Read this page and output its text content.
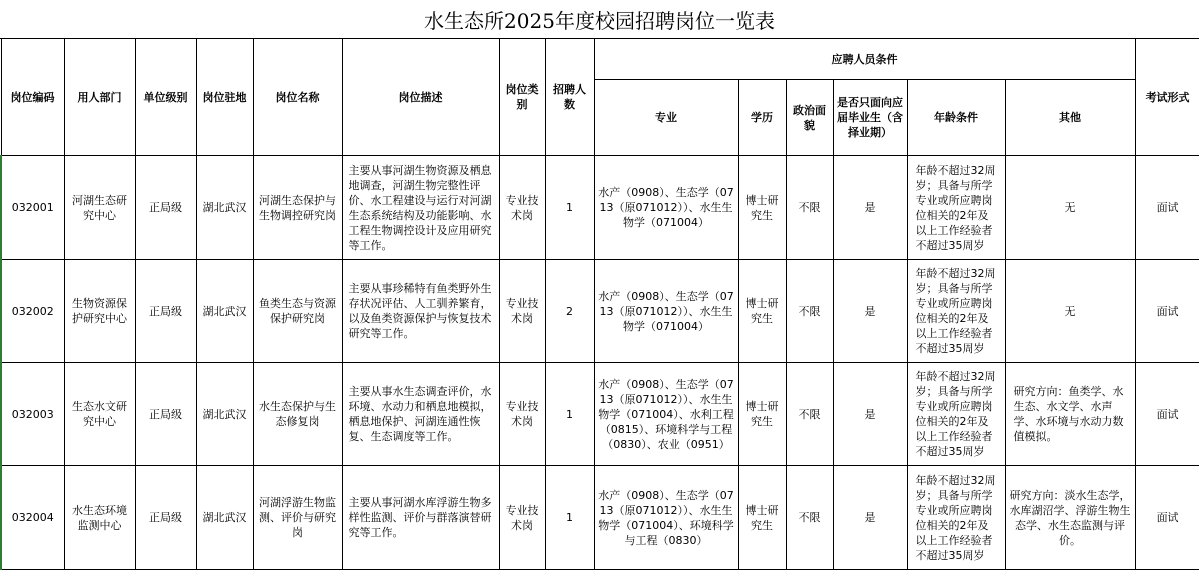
水生态所2025年度校园招聘岗位一览表
岗位编码	用人部门	单位级别	岗位驻地	岗位名称	岗位描述	岗位类别	招聘人数	应聘人员条件						考试形式
								专业	学历	政治面貌	是否只面向应届毕业生（含择业期）	年龄条件	其他	
032001	河湖生态研究中心	正局级	湖北武汉	河湖生态保护与生物调控研究岗	主要从事河湖生物资源及栖息地调查，河湖生物完整性评价、水工程建设与运行对河湖生态系统结构及功能影响、水工程生物调控设计及应用研究等工作。	专业技术岗	1	水产（0908）、生态学（0713（原071012））、水生生物学（071004）	博士研究生	不限	是	年龄不超过32周岁；具备与所学专业或所应聘岗位相关的2年及以上工作经验者不超过35周岁	无	面试
032002	生物资源保护研究中心	正局级	湖北武汉	鱼类生态与资源保护研究岗	主要从事珍稀特有鱼类野外生存状况评估、人工驯养繁育，以及鱼类资源保护与恢复技术研究等工作。	专业技术岗	2	水产（0908）、生态学（0713（原071012））、水生生物学（071004）	博士研究生	不限	是	年龄不超过32周岁；具备与所学专业或所应聘岗位相关的2年及以上工作经验者不超过35周岁	无	面试
032003	生态水文研究中心	正局级	湖北武汉	水生态保护与生态修复岗	主要从事水生态调查评价，水环境、水动力和栖息地模拟，栖息地保护、河湖连通性恢复、生态调度等工作。	专业技术岗	1	水产（0908）、生态学（0713（原071012））、水生生物学（071004）、水利工程（0815）、环境科学与工程（0830）、农业（0951）	博士研究生	不限	是	年龄不超过32周岁；具备与所学专业或所应聘岗位相关的2年及以上工作经验者不超过35周岁	研究方向：鱼类学、水生态、水文学、水声学、水环境与水动力数值模拟。	面试
032004	水生态环境监测中心	正局级	湖北武汉	河湖浮游生物监测、评价与研究岗	主要从事河湖水库浮游生物多样性监测、评价与群落演替研究等工作。	专业技术岗	1	水产（0908）、生态学（0713（原071012））、水生生物学（071004）、环境科学与工程（0830）	博士研究生	不限	是	年龄不超过32周岁；具备与所学专业或所应聘岗位相关的2年及以上工作经验者不超过35周岁	研究方向：淡水生态学，水库湖沼学、浮游生物生态学、水生态监测与评价。	面试
